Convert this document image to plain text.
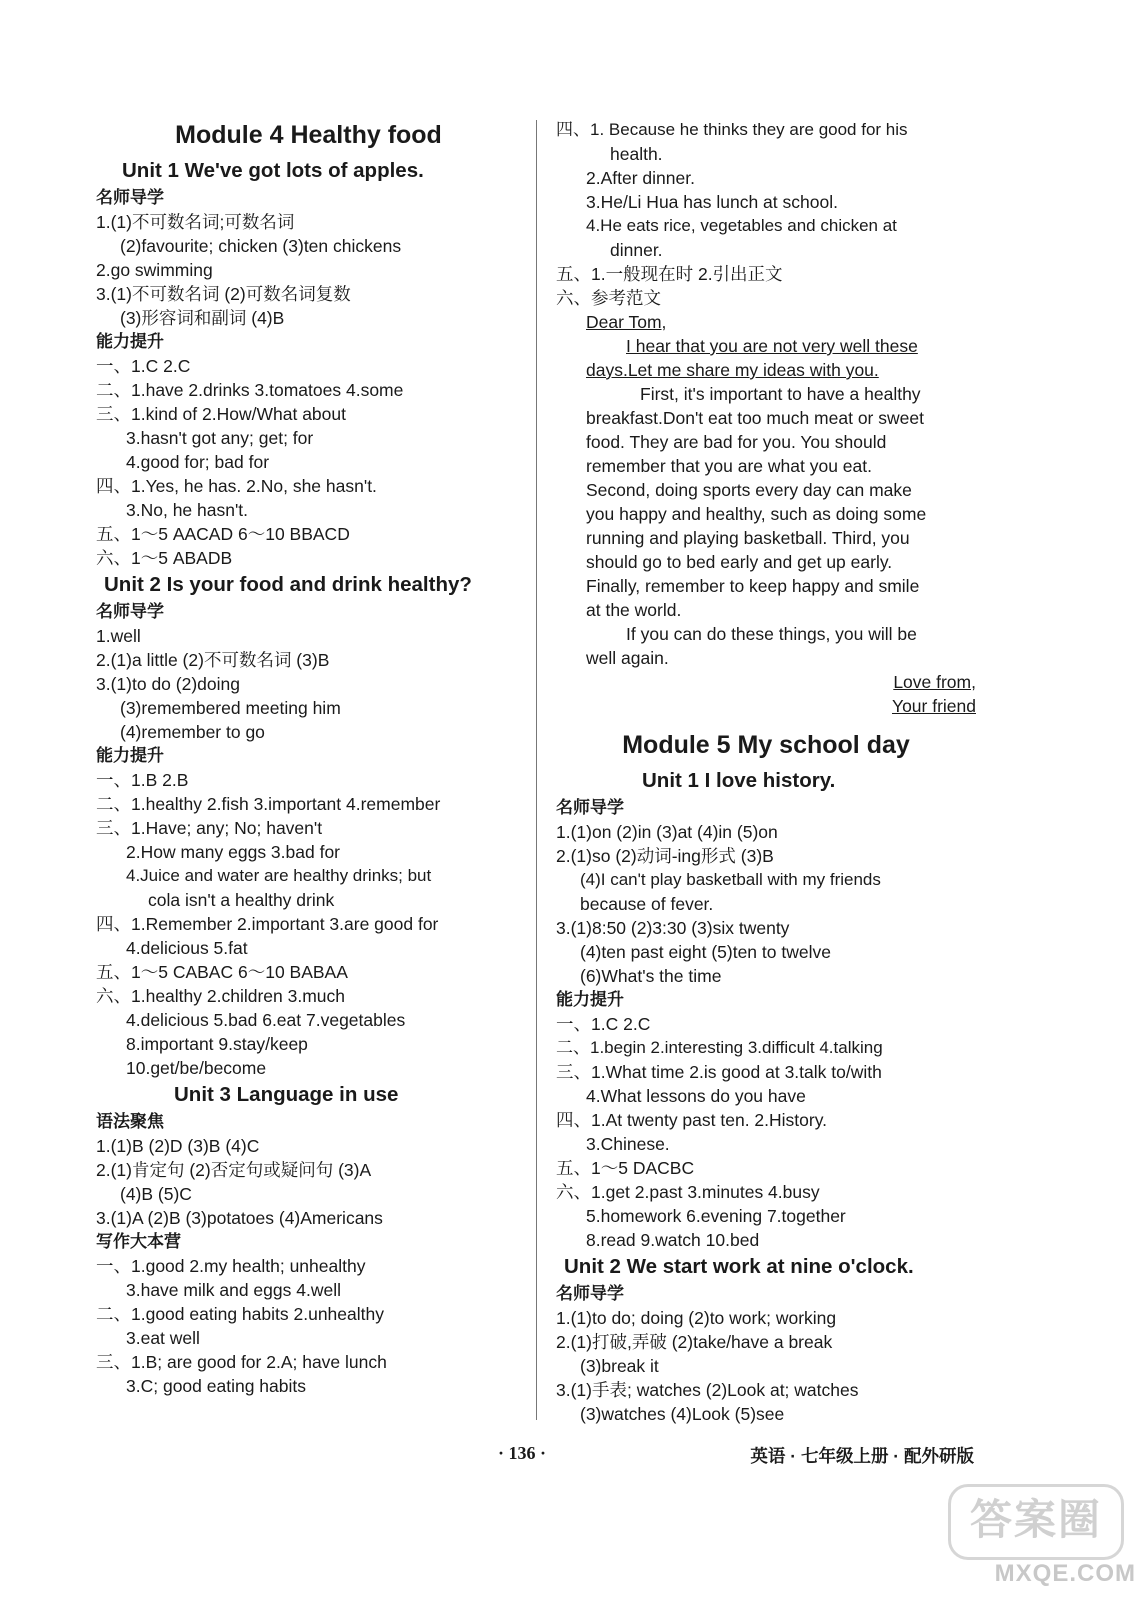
Module 4 Healthy food
Unit 1 We've got lots of apples.
名师导学
1.(1)不可数名词;可数名词
(2)favourite; chicken (3)ten chickens
2.go swimming
3.(1)不可数名词 (2)可数名词复数
(3)形容词和副词 (4)B
能力提升
一、1.C 2.C
二、1.have 2.drinks 3.tomatoes 4.some
三、1.kind of 2.How/What about
3.hasn't got any; get; for
4.good for; bad for
四、1.Yes, he has. 2.No, she hasn't.
3.No, he hasn't.
五、1～5 AACAD 6～10 BBACD
六、1～5 ABADB
Unit 2 Is your food and drink healthy?
名师导学
1.well
2.(1)a little (2)不可数名词 (3)B
3.(1)to do (2)doing
(3)remembered meeting him
(4)remember to go
能力提升
一、1.B 2.B
二、1.healthy 2.fish 3.important 4.remember
三、1.Have; any; No; haven't
2.How many eggs 3.bad for
4.Juice and water are healthy drinks; but
cola isn't a healthy drink
四、1.Remember 2.important 3.are good for
4.delicious 5.fat
五、1～5 CABAC 6～10 BABAA
六、1.healthy 2.children 3.much
4.delicious 5.bad 6.eat 7.vegetables
8.important 9.stay/keep
10.get/be/become
Unit 3 Language in use
语法聚焦
1.(1)B (2)D (3)B (4)C
2.(1)肯定句 (2)否定句或疑问句 (3)A
(4)B (5)C
3.(1)A (2)B (3)potatoes (4)Americans
写作大本营
一、1.good 2.my health; unhealthy
3.have milk and eggs 4.well
二、1.good eating habits 2.unhealthy
3.eat well
三、1.B; are good for 2.A; have lunch
3.C; good eating habits
四、1. Because he thinks they are good for his
health.
2.After dinner.
3.He/Li Hua has lunch at school.
4.He eats rice, vegetables and chicken at
dinner.
五、1.一般现在时 2.引出正文
六、参考范文
Dear Tom,
I hear that you are not very well these
days.Let me share my ideas with you.
First, it's important to have a healthy
breakfast.Don't eat too much meat or sweet
food. They are bad for you. You should
remember that you are what you eat.
Second, doing sports every day can make
you happy and healthy, such as doing some
running and playing basketball. Third, you
should go to bed early and get up early.
Finally, remember to keep happy and smile
at the world.
If you can do these things, you will be
well again.
Love from,
Your friend
Module 5 My school day
Unit 1 I love history.
名师导学
1.(1)on (2)in (3)at (4)in (5)on
2.(1)so (2)动词-ing形式 (3)B
(4)I can't play basketball with my friends
because of fever.
3.(1)8:50 (2)3:30 (3)six twenty
(4)ten past eight (5)ten to twelve
(6)What's the time
能力提升
一、1.C 2.C
二、1.begin 2.interesting 3.difficult 4.talking
三、1.What time 2.is good at 3.talk to/with
4.What lessons do you have
四、1.At twenty past ten. 2.History.
3.Chinese.
五、1～5 DACBC
六、1.get 2.past 3.minutes 4.busy
5.homework 6.evening 7.together
8.read 9.watch 10.bed
Unit 2 We start work at nine o'clock.
名师导学
1.(1)to do; doing (2)to work; working
2.(1)打破,弄破 (2)take/have a break
(3)break it
3.(1)手表; watches (2)Look at; watches
(3)watches (4)Look (5)see
· 136 ·	英语 · 七年级上册 · 配外研版
答案圈
MXQE.COM
